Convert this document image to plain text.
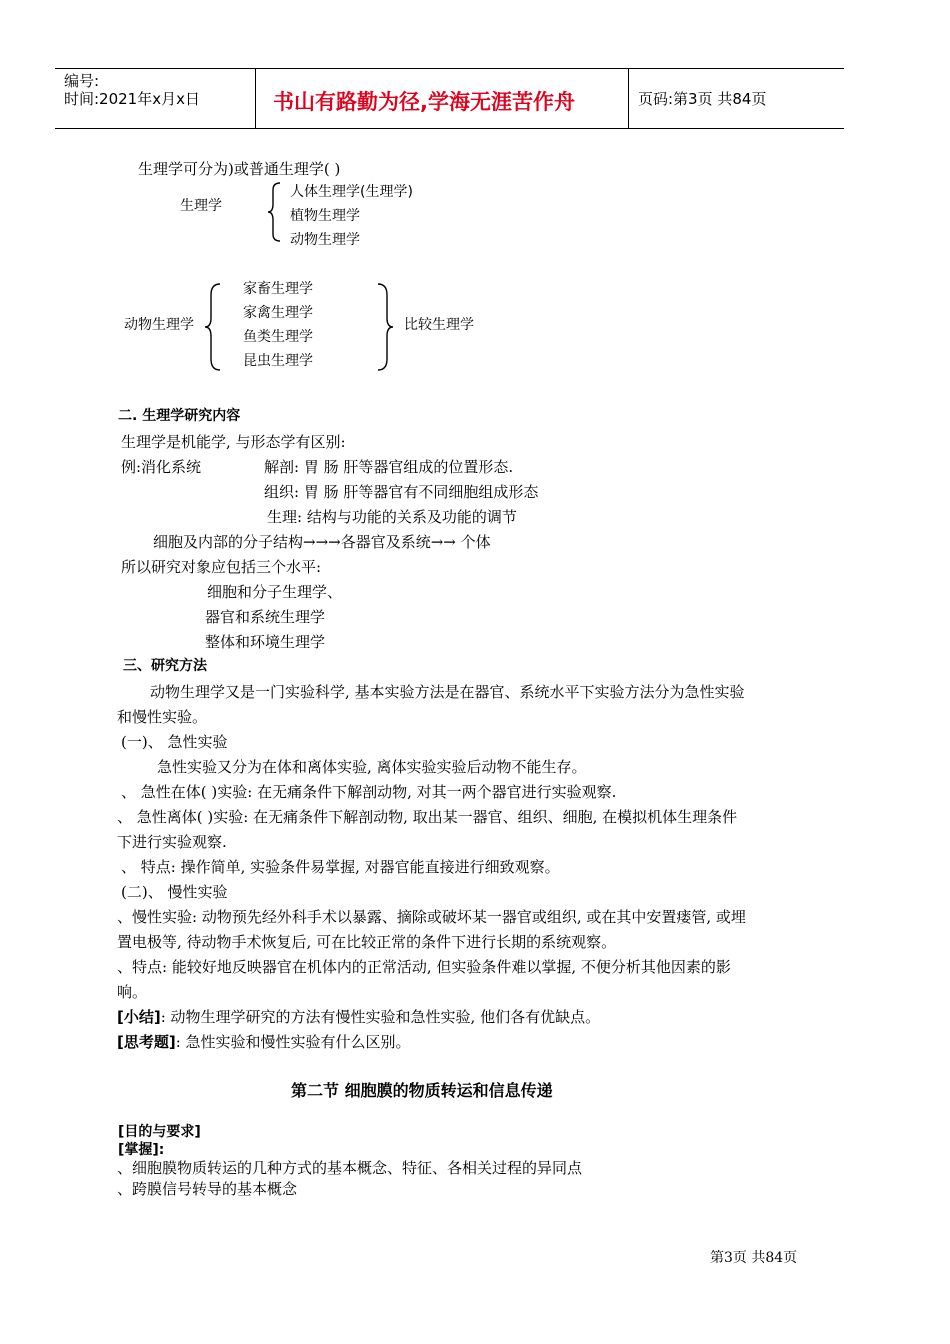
编号:
时间:2021年x月x日	书山有路勤为径,学海无涯苦作舟	页码:第3页 共84页
生理学可分为)或普通生理学( )
生理学
人体生理学(生理学)
植物生理学
动物生理学
动物生理学
家畜生理学
家禽生理学
鱼类生理学
昆虫生理学
比较生理学
二. 生理学研究内容
生理学是机能学, 与形态学有区别:
例:消化系统	解剖: 胃 肠 肝等器官组成的位置形态.
组织: 胃 肠 肝等器官有不同细胞组成形态
生理: 结构与功能的关系及功能的调节
细胞及内部的分子结构→→→各器官及系统→→ 个体
所以研究对象应包括三个水平:
细胞和分子生理学、
器官和系统生理学
整体和环境生理学
三、研究方法
动物生理学又是一门实验科学, 基本实验方法是在器官、系统水平下实验方法分为急性实验
和慢性实验。
(一)、 急性实验
急性实验又分为在体和离体实验, 离体实验实验后动物不能生存。
、 急性在体( )实验: 在无痛条件下解剖动物, 对其一两个器官进行实验观察.
、 急性离体( )实验: 在无痛条件下解剖动物, 取出某一器官、组织、细胞, 在模拟机体生理条件
下进行实验观察.
、 特点: 操作简单, 实验条件易掌握, 对器官能直接进行细致观察。
(二)、 慢性实验
、慢性实验: 动物预先经外科手术以暴露、摘除或破坏某一器官或组织, 或在其中安置瘘管, 或埋
置电极等, 待动物手术恢复后, 可在比较正常的条件下进行长期的系统观察。
、特点: 能较好地反映器官在机体内的正常活动, 但实验条件难以掌握, 不便分析其他因素的影
响。
[小结]: 动物生理学研究的方法有慢性实验和急性实验, 他们各有优缺点。
[思考题]: 急性实验和慢性实验有什么区别。
第二节 细胞膜的物质转运和信息传递
[目的与要求]
[掌握]:
、细胞膜物质转运的几种方式的基本概念、特征、各相关过程的异同点
、跨膜信号转导的基本概念
第3页 共84页
